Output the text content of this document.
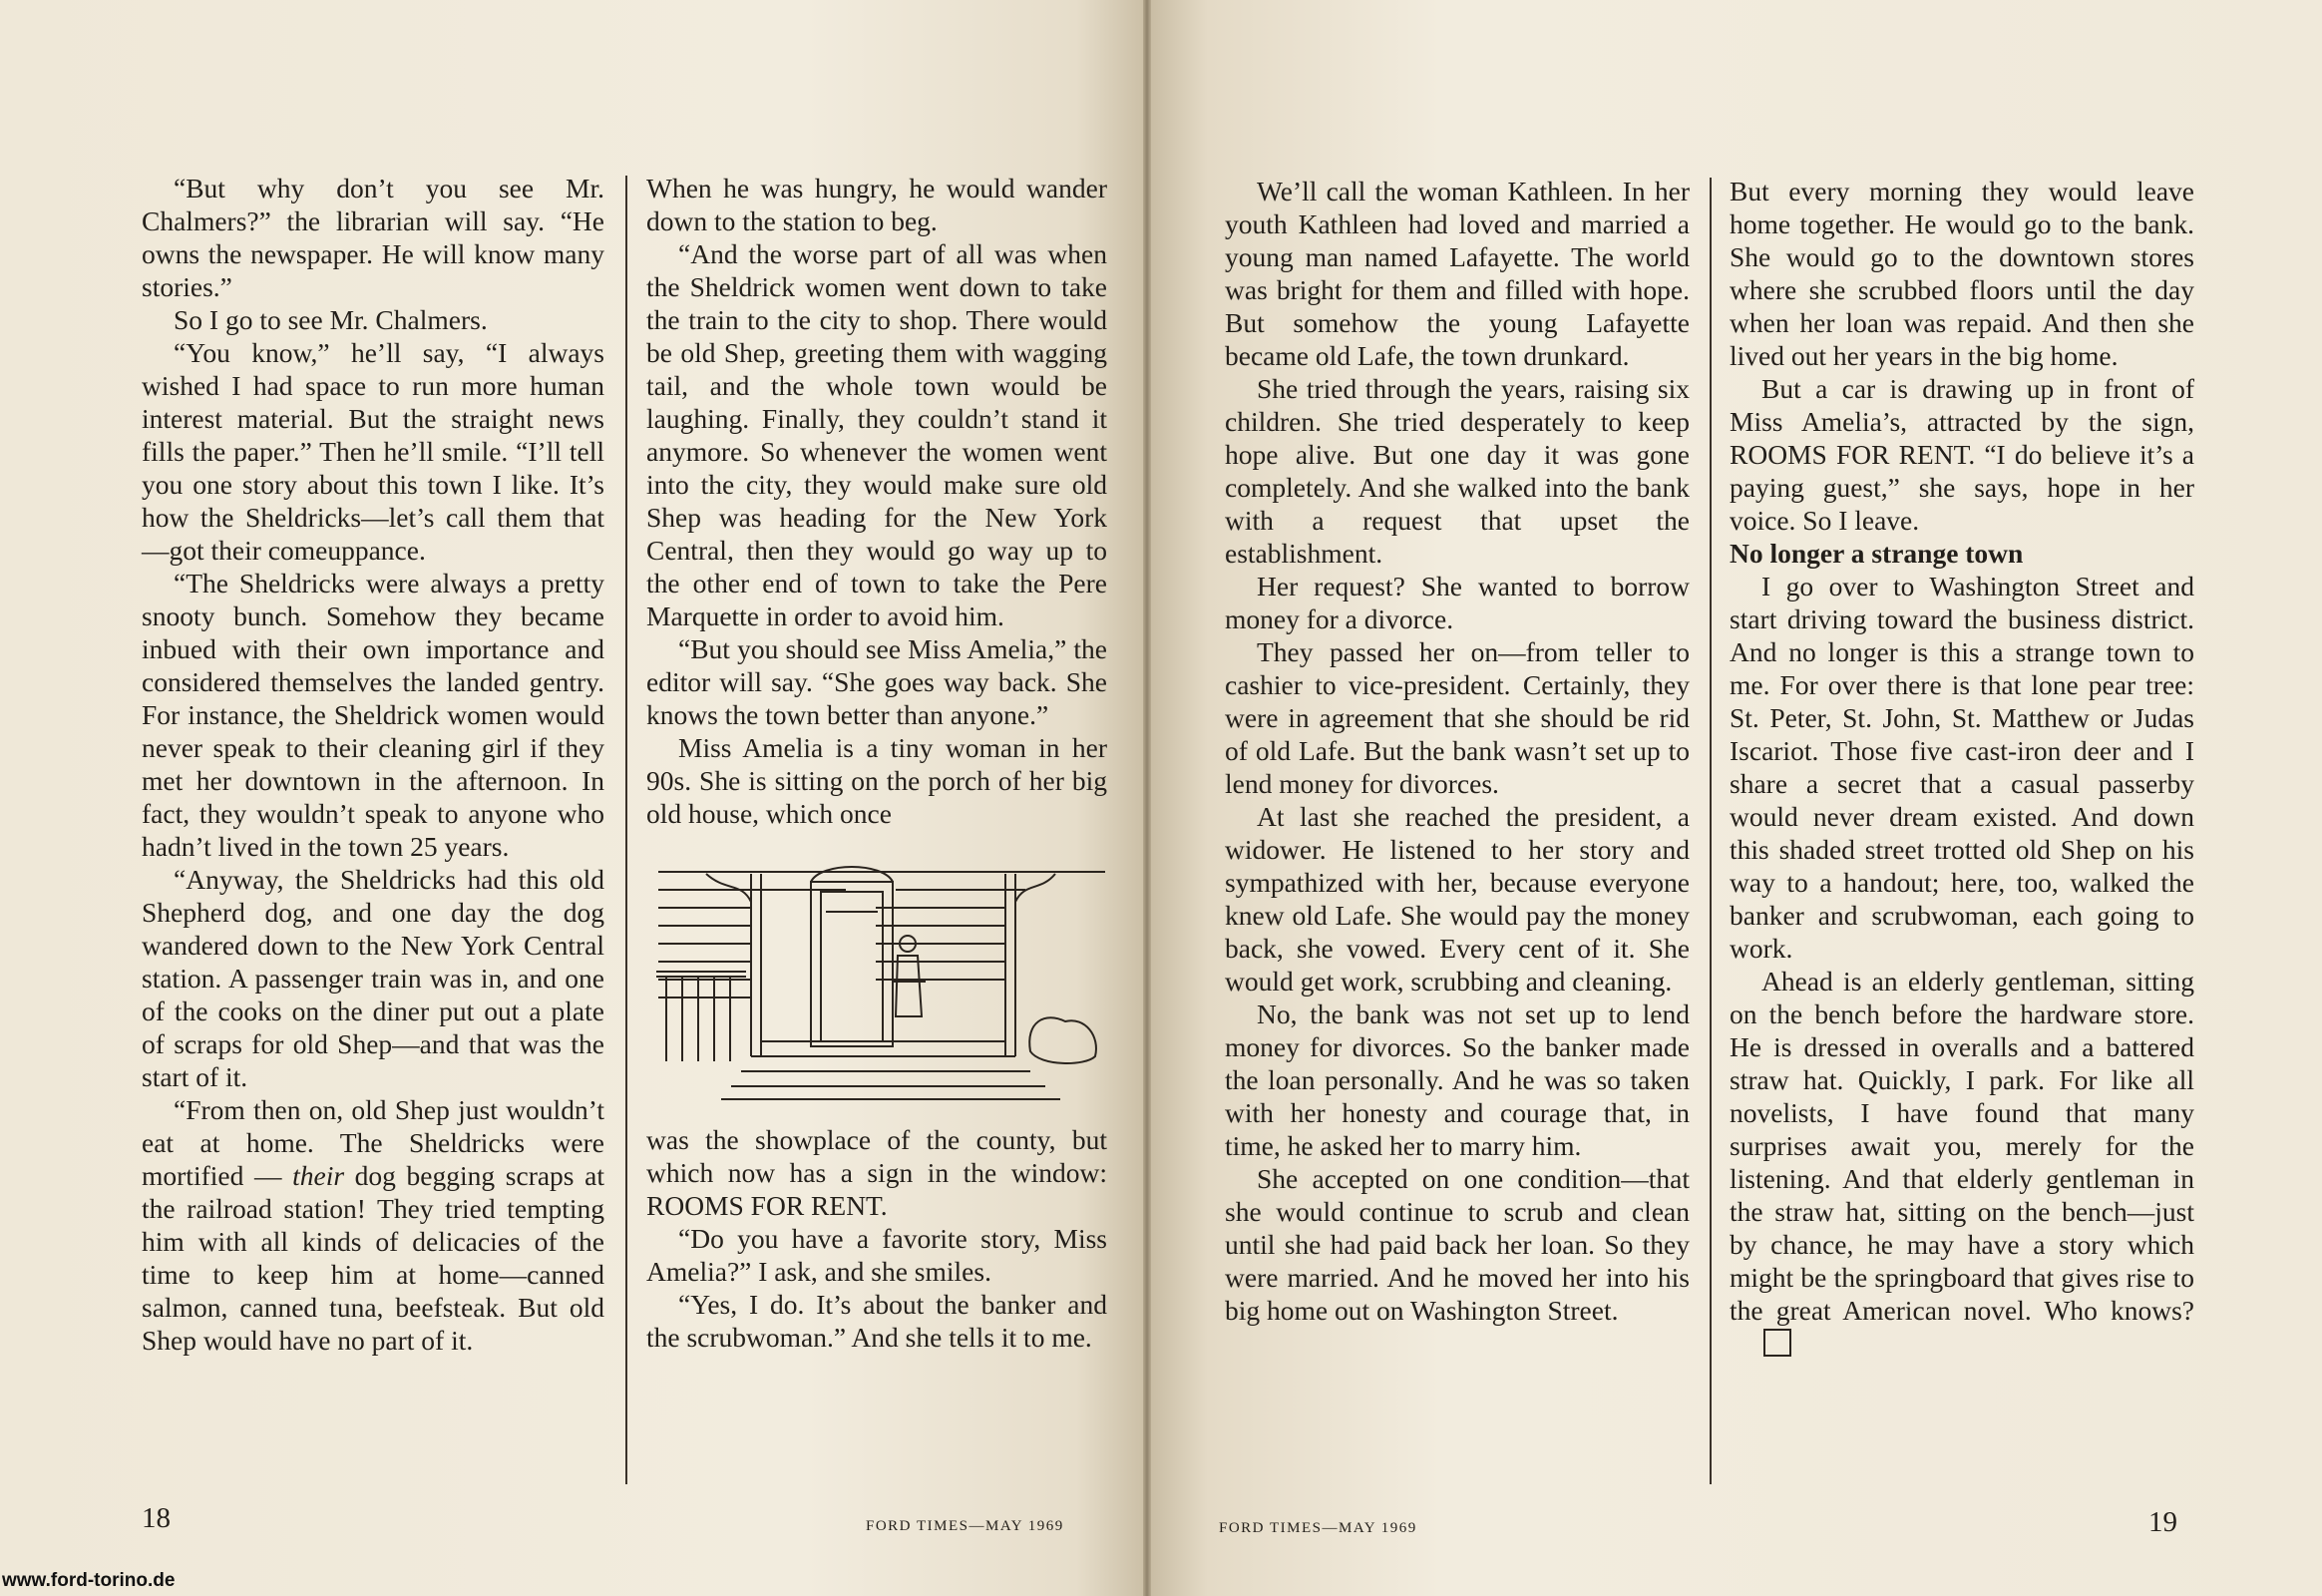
“But why don’t you see Mr. Chalmers?” the librarian will say. “He owns the newspaper. He will know many stories.”

So I go to see Mr. Chalmers.

“You know,” he’ll say, “I always wished I had space to run more human interest material. But the straight news fills the paper.” Then he’ll smile. “I’ll tell you one story about this town I like. It’s how the Sheldricks—let’s call them that—got their comeuppance.

“The Sheldricks were always a pretty snooty bunch. Somehow they became inbued with their own importance and considered themselves the landed gentry. For instance, the Sheldrick women would never speak to their cleaning girl if they met her downtown in the afternoon. In fact, they wouldn’t speak to anyone who hadn’t lived in the town 25 years.

“Anyway, the Sheldricks had this old Shepherd dog, and one day the dog wandered down to the New York Central station. A passenger train was in, and one of the cooks on the diner put out a plate of scraps for old Shep—and that was the start of it.

“From then on, old Shep just wouldn’t eat at home. The Sheldricks were mortified — their dog begging scraps at the railroad station! They tried tempting him with all kinds of delicacies of the time to keep him at home—canned salmon, canned tuna, beefsteak. But old Shep would have no part of it.

When he was hungry, he would wander down to the station to beg.

“And the worse part of all was when the Sheldrick women went down to take the train to the city to shop. There would be old Shep, greeting them with wagging tail, and the whole town would be laughing. Finally, they couldn’t stand it anymore. So whenever the women went into the city, they would make sure old Shep was heading for the New York Central, then they would go way up to the other end of town to take the Pere Marquette in order to avoid him.

“But you should see Miss Amelia,” the editor will say. “She goes way back. She knows the town better than anyone.”

Miss Amelia is a tiny woman in her 90s. She is sitting on the porch of her big old house, which once

was the showplace of the county, but which now has a sign in the window: ROOMS FOR RENT.

“Do you have a favorite story, Miss Amelia?” I ask, and she smiles.

“Yes, I do. It’s about the banker and the scrubwoman.” And she tells it to me.

We’ll call the woman Kathleen. In her youth Kathleen had loved and married a young man named Lafayette. The world was bright for them and filled with hope. But somehow the young Lafayette became old Lafe, the town drunkard.

She tried through the years, raising six children. She tried desperately to keep hope alive. But one day it was gone completely. And she walked into the bank with a request that upset the establishment.

Her request? She wanted to borrow money for a divorce.

They passed her on—from teller to cashier to vice-president. Certainly, they were in agreement that she should be rid of old Lafe. But the bank wasn’t set up to lend money for divorces.

At last she reached the president, a widower. He listened to her story and sympathized with her, because everyone knew old Lafe. She would pay the money back, she vowed. Every cent of it. She would get work, scrubbing and cleaning.

No, the bank was not set up to lend money for divorces. So the banker made the loan personally. And he was so taken with her honesty and courage that, in time, he asked her to marry him.

She accepted on one condition—that she would continue to scrub and clean until she had paid back her loan. So they were married. And he moved her into his big home out on Washington Street.

But every morning they would leave home together. He would go to the bank. She would go to the downtown stores where she scrubbed floors until the day when her loan was repaid. And then she lived out her years in the big home.

But a car is drawing up in front of Miss Amelia’s, attracted by the sign, ROOMS FOR RENT. “I do believe it’s a paying guest,” she says, hope in her voice. So I leave.

No longer a strange town

I go over to Washington Street and start driving toward the business district. And no longer is this a strange town to me. For over there is that lone pear tree: St. Peter, St. John, St. Matthew or Judas Iscariot. Those five cast-iron deer and I share a secret that a casual passerby would never dream existed. And down this shaded street trotted old Shep on his way to a handout; here, too, walked the banker and scrubwoman, each going to work.

Ahead is an elderly gentleman, sitting on the bench before the hardware store. He is dressed in overalls and a battered straw hat. Quickly, I park. For like all novelists, I have found that many surprises await you, merely for the listening. And that elderly gentleman in the straw hat, sitting on the bench—just by chance, he may have a story which might be the springboard that gives rise to the great American novel. Who knows?

18	FORD TIMES—MAY 1969	FORD TIMES—MAY 1969	19
www.ford-torino.de
